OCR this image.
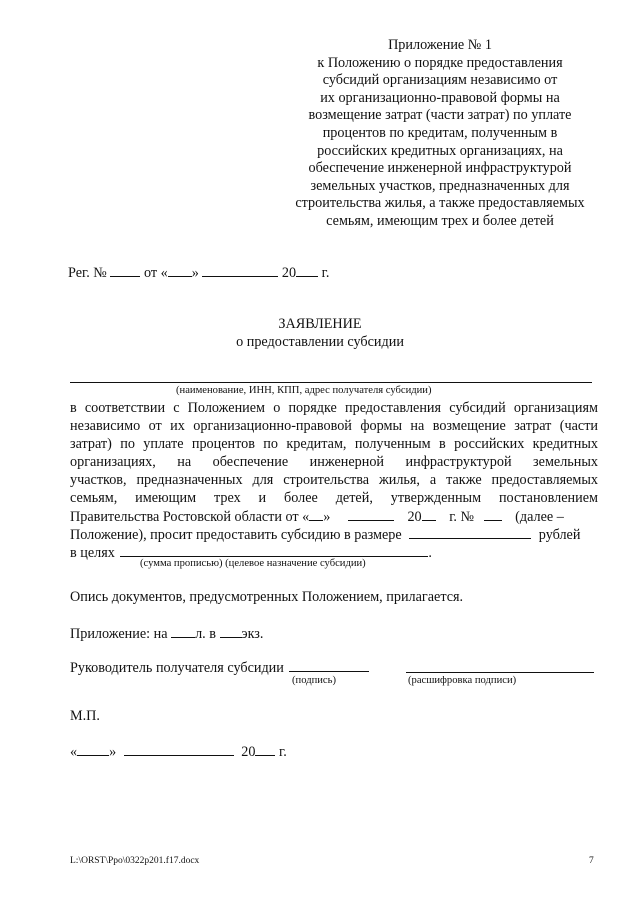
Приложение № 1
к Положению о порядке предоставления
субсидий организациям независимо от
их организационно-правовой формы на
возмещение затрат (части затрат) по уплате
процентов по кредитам, полученным в
российских кредитных организациях, на
обеспечение инженерной инфраструктурой
земельных участков, предназначенных для
строительства жилья, а также предоставляемых
семьям, имеющим трех и более детей
Рег. №	от « »	20 г.
ЗАЯВЛЕНИЕ
о предоставлении субсидии
(наименование, ИНН, КПП, адрес получателя субсидии)
в соответствии с Положением о порядке предоставления субсидий организациям
независимо от их организационно-правовой формы на возмещение затрат (части
затрат) по уплате процентов по кредитам, полученным в российских кредитных
организациях, на обеспечение инженерной инфраструктурой земельных
участков, предназначенных для строительства жилья, а также предоставляемых
семьям, имеющим трех и более детей, утвержденным постановлением
Правительства Ростовской области от « »	20 г. №	(далее –
Положение), просит предоставить субсидию в размере	рублей
в целях	.
(сумма прописью) (целевое назначение субсидии)
Опись документов, предусмотренных Положением, прилагается.
Приложение: на л. в экз.
Руководитель получателя субсидии
(подпись)	(расшифровка подписи)
М.П.
« »	20 г.
L:\ORST\Ppo\0322p201.f17.docx	7
